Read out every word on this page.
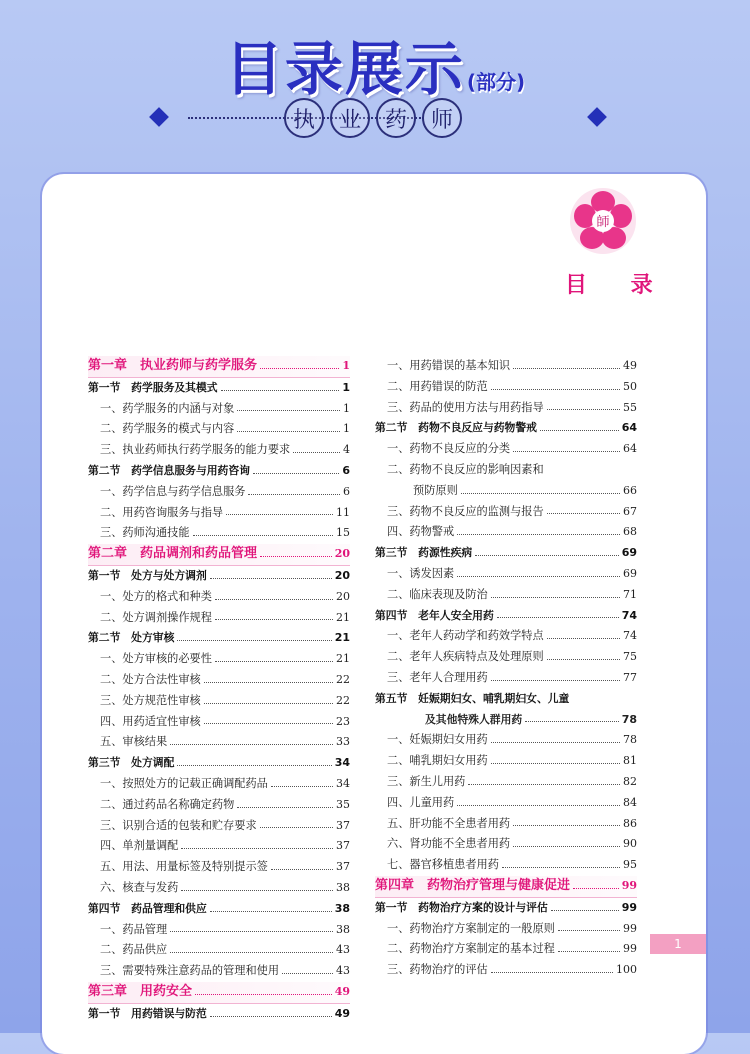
目录展示 (部分)
执	业	药	师
師
目 录
第一章　执业药师与药学服务	1
第一节　药学服务及其模式	1
一、药学服务的内涵与对象	1
二、药学服务的模式与内容	1
三、执业药师执行药学服务的能力要求	4
第二节　药学信息服务与用药咨询	6
一、药学信息与药学信息服务	6
二、用药咨询服务与指导	11
三、药师沟通技能	15
第二章　药品调剂和药品管理	20
第一节　处方与处方调剂	20
一、处方的格式和种类	20
二、处方调剂操作规程	21
第二节　处方审核	21
一、处方审核的必要性	21
二、处方合法性审核	22
三、处方规范性审核	22
四、用药适宜性审核	23
五、审核结果	33
第三节　处方调配	34
一、按照处方的记载正确调配药品	34
二、通过药品名称确定药物	35
三、识别合适的包装和贮存要求	37
四、单剂量调配	37
五、用法、用量标签及特别提示签	37
六、核查与发药	38
第四节　药品管理和供应	38
一、药品管理	38
二、药品供应	43
三、需要特殊注意药品的管理和使用	43
第三章　用药安全	49
第一节　用药错误与防范	49
一、用药错误的基本知识	49
二、用药错误的防范	50
三、药品的使用方法与用药指导	55
第二节　药物不良反应与药物警戒	64
一、药物不良反应的分类	64
二、药物不良反应的影响因素和
预防原则	66
三、药物不良反应的监测与报告	67
四、药物警戒	68
第三节　药源性疾病	69
一、诱发因素	69
二、临床表现及防治	71
第四节　老年人安全用药	74
一、老年人药动学和药效学特点	74
二、老年人疾病特点及处理原则	75
三、老年人合理用药	77
第五节　妊娠期妇女、哺乳期妇女、儿童
及其他特殊人群用药	78
一、妊娠期妇女用药	78
二、哺乳期妇女用药	81
三、新生儿用药	82
四、儿童用药	84
五、肝功能不全患者用药	86
六、肾功能不全患者用药	90
七、器官移植患者用药	95
第四章　药物治疗管理与健康促进	99
第一节　药物治疗方案的设计与评估	99
一、药物治疗方案制定的一般原则	99
二、药物治疗方案制定的基本过程	99
三、药物治疗的评估	100
1
